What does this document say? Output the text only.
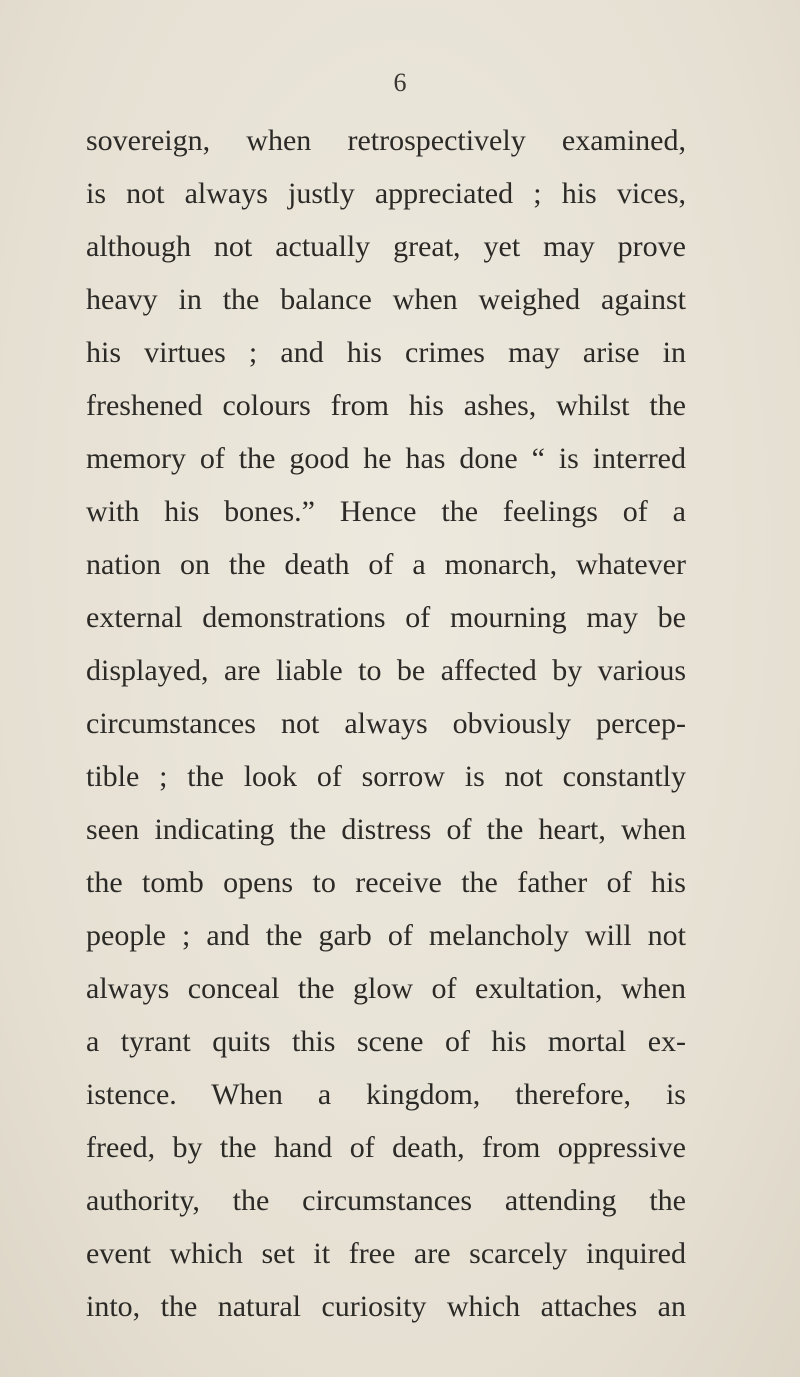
6
sovereign, when retrospectively examined,
is not always justly appreciated ; his vices,
although not actually great, yet may prove
heavy in the balance when weighed against
his virtues ; and his crimes may arise in
freshened colours from his ashes, whilst the
memory of the good he has done “ is interred
with his bones.” Hence the feelings of a
nation on the death of a monarch, whatever
external demonstrations of mourning may be
displayed, are liable to be affected by various
circumstances not always obviously percep-
tible ; the look of sorrow is not constantly
seen indicating the distress of the heart, when
the tomb opens to receive the father of his
people ; and the garb of melancholy will not
always conceal the glow of exultation, when
a tyrant quits this scene of his mortal ex-
istence. When a kingdom, therefore, is
freed, by the hand of death, from oppressive
authority, the circumstances attending the
event which set it free are scarcely inquired
into, the natural curiosity which attaches an
